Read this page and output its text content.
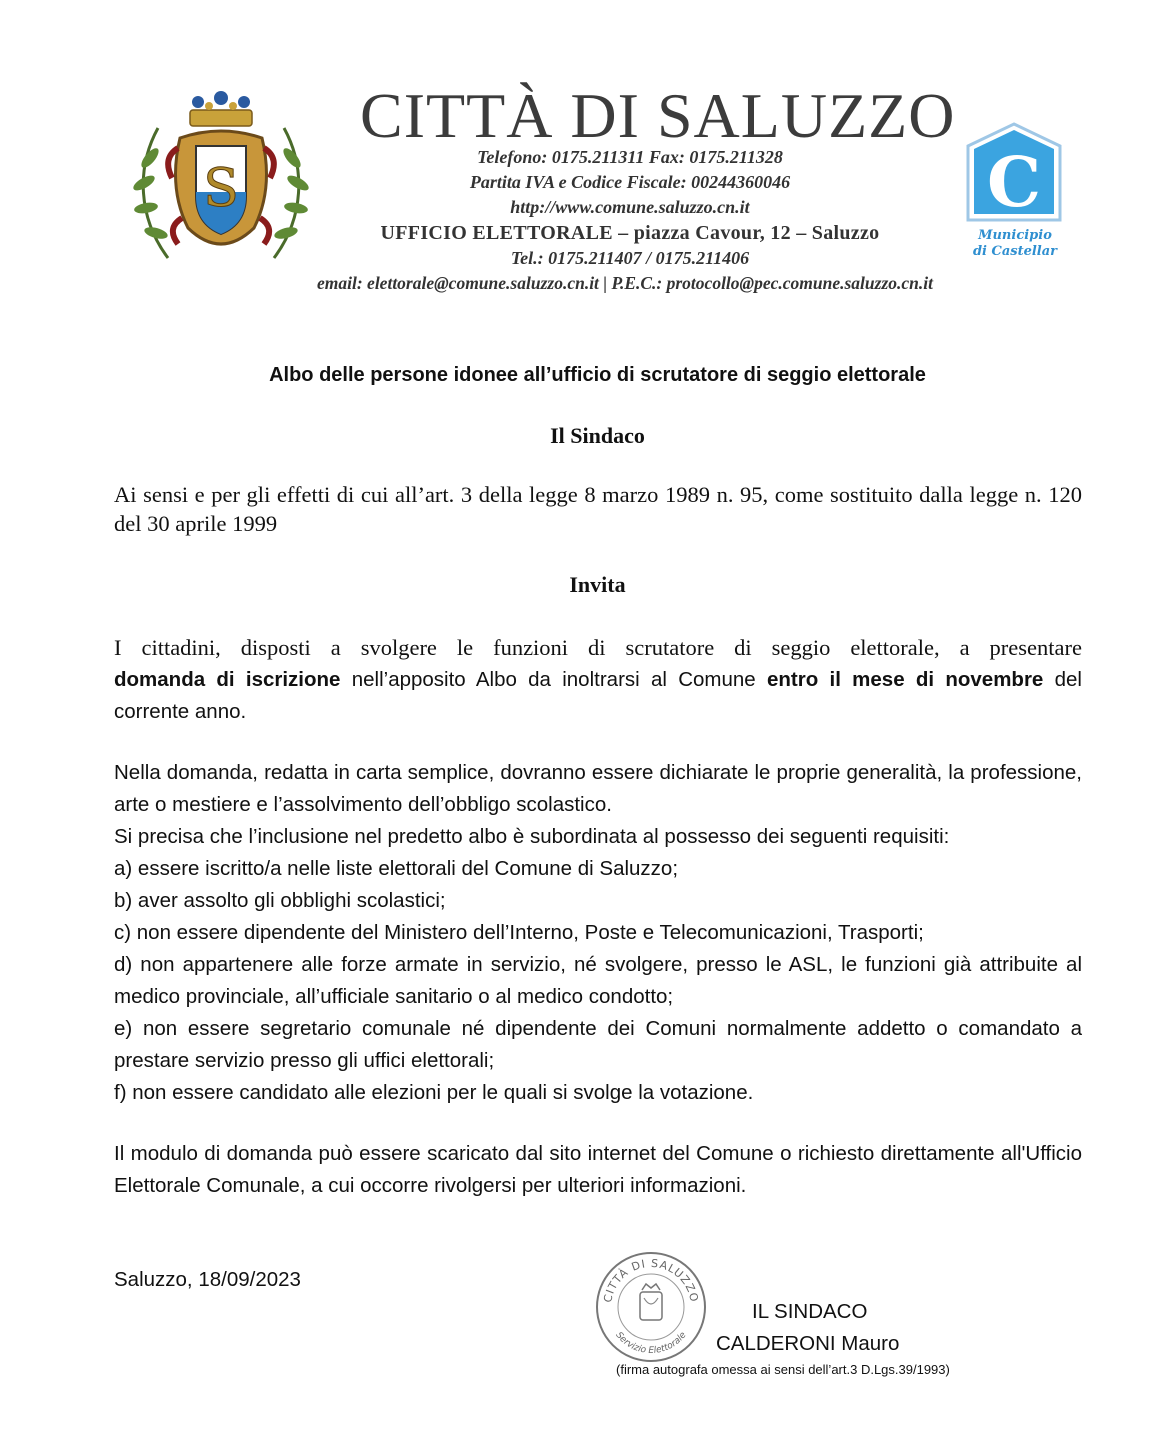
S
CITTÀ DI SALUZZO
Telefono: 0175.211311 Fax: 0175.211328
Partita IVA e Codice Fiscale: 00244360046
http://www.comune.saluzzo.cn.it
UFFICIO ELETTORALE – piazza Cavour, 12 – Saluzzo
Tel.: 0175.211407 / 0175.211406
email: elettorale@comune.saluzzo.cn.it | P.E.C.: protocollo@pec.comune.saluzzo.cn.it
C
Municipio
di Castellar
Albo delle persone idonee all’ufficio di scrutatore di seggio elettorale
Il Sindaco
Ai sensi e per gli effetti di cui all’art. 3 della legge 8 marzo 1989 n. 95, come sostituito dalla legge n. 120 del 30 aprile 1999
Invita
I cittadini, disposti a svolgere le funzioni di scrutatore di seggio elettorale, a presentare
domanda di iscrizione nell’apposito Albo da inoltrarsi al Comune entro il mese di novembre del corrente anno.
Nella domanda, redatta in carta semplice, dovranno essere dichiarate le proprie generalità, la professione, arte o mestiere e l’assolvimento dell’obbligo scolastico.
Si precisa che l’inclusione nel predetto albo è subordinata al possesso dei seguenti requisiti:
a) essere iscritto/a nelle liste elettorali del Comune di Saluzzo;
b) aver assolto gli obblighi scolastici;
c) non essere dipendente del Ministero dell’Interno, Poste e Telecomunicazioni, Trasporti;
d) non appartenere alle forze armate in servizio, né svolgere, presso le ASL, le funzioni già attribuite al medico provinciale, all’ufficiale sanitario o al medico condotto;
e) non essere segretario comunale né dipendente dei Comuni normalmente addetto o comandato a prestare servizio presso gli uffici elettorali;
f) non essere candidato alle elezioni per le quali si svolge la votazione.
Il modulo di domanda può essere scaricato dal sito internet del Comune o richiesto direttamente all'Ufficio Elettorale Comunale, a cui occorre rivolgersi per ulteriori informazioni.
Saluzzo, 18/09/2023
CITTÀ DI SALUZZO
Servizio Elettorale
IL SINDACO
CALDERONI Mauro
(firma autografa omessa ai sensi dell’art.3 D.Lgs.39/1993)
